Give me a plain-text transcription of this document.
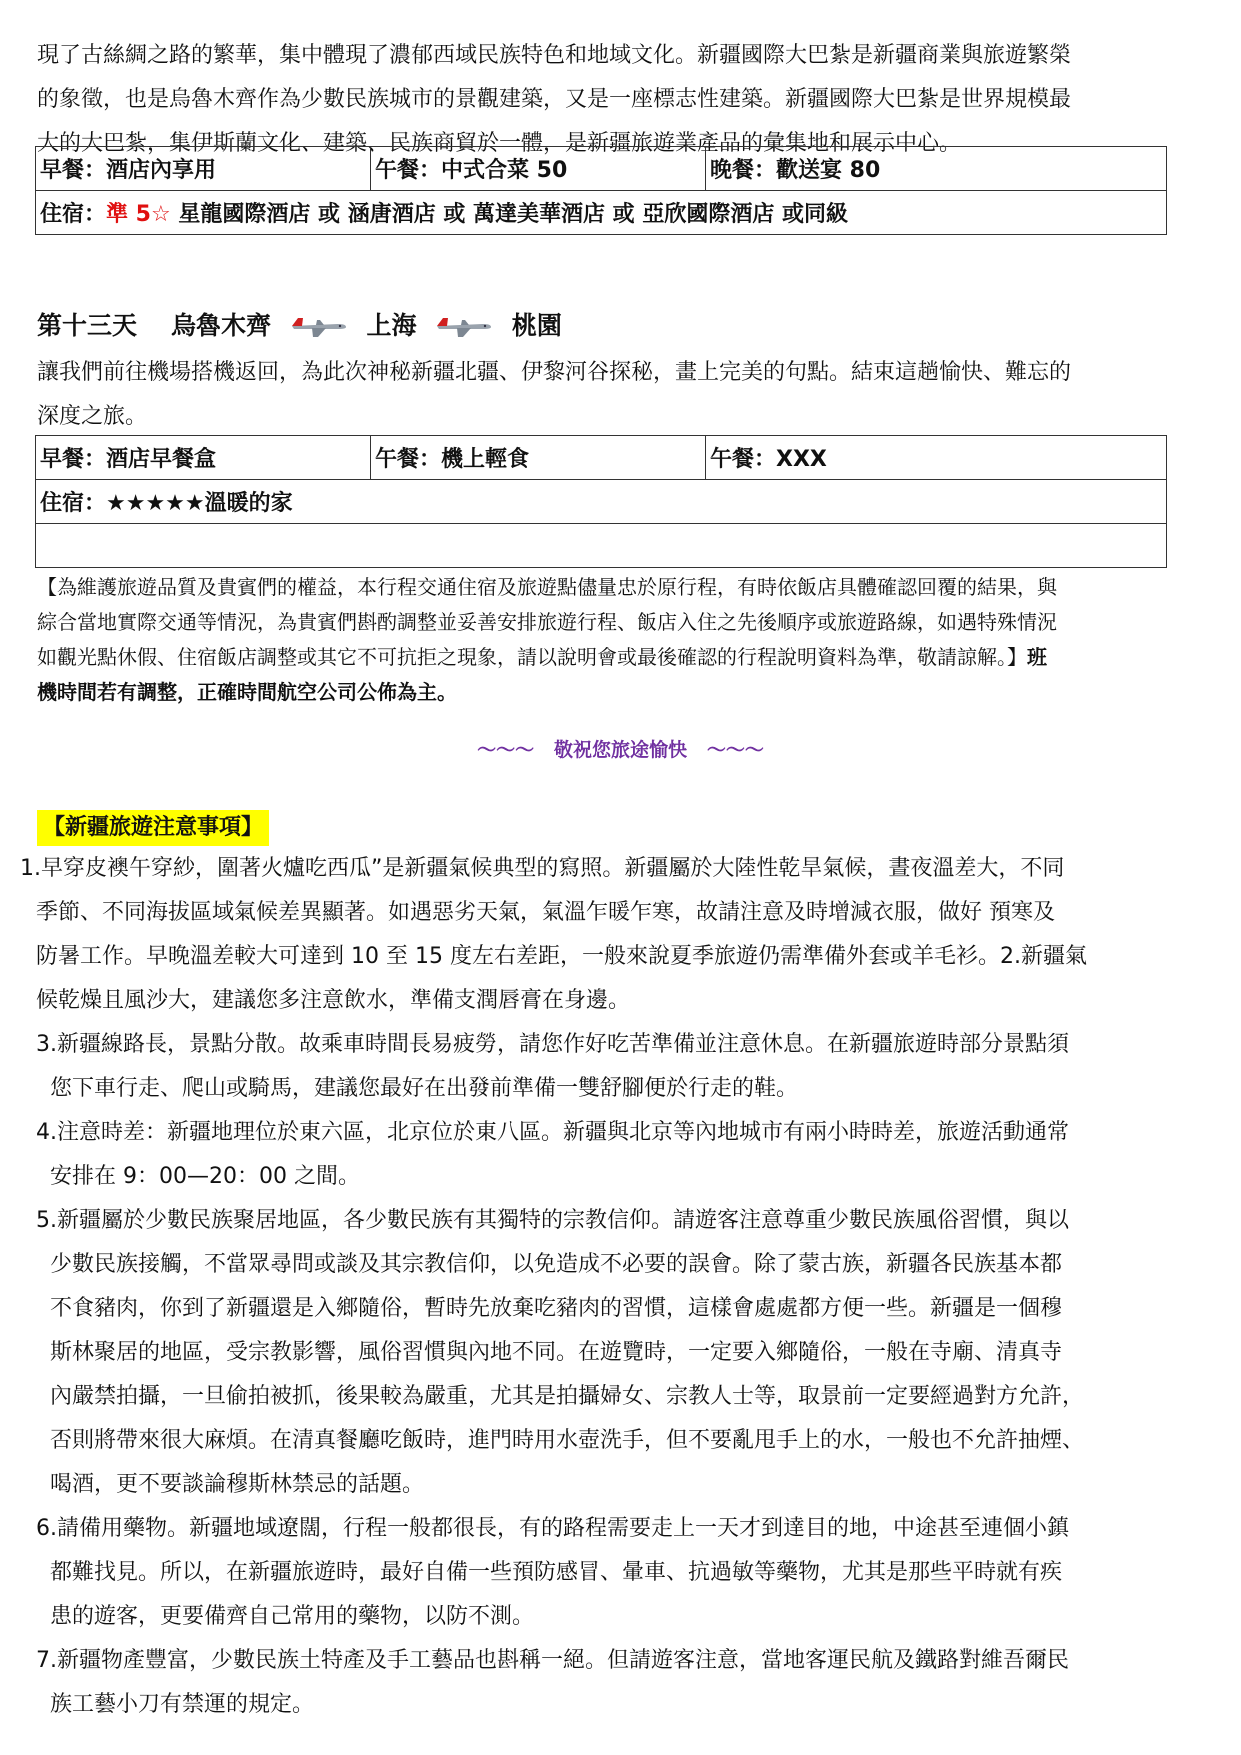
現了古絲綢之路的繁華，集中體現了濃郁西域民族特色和地域文化。新疆國際大巴紮是新疆商業與旅遊繁榮
的象徵，也是烏魯木齊作為少數民族城市的景觀建築，又是一座標志性建築。新疆國際大巴紮是世界規模最
大的大巴紮，集伊斯蘭文化、建築、民族商貿於一體，是新疆旅遊業產品的彙集地和展示中心。
早餐：酒店內享用	午餐：中式合菜 50	晚餐：歡送宴 80
住宿：準 5☆ 星龍國際酒店 或 涵唐酒店 或 萬達美華酒店 或 亞欣國際酒店 或同級
第十三天 烏魯木齊	上海	桃園
讓我們前往機場搭機返回，為此次神秘新疆北疆、伊黎河谷探秘，畫上完美的句點。結束這趟愉快、難忘的
深度之旅。
早餐：酒店早餐盒	午餐：機上輕食	午餐：XXX
住宿：★★★★★溫暖的家

【為維護旅遊品質及貴賓們的權益，本行程交通住宿及旅遊點儘量忠於原行程，有時依飯店具體確認回覆的結果，與
綜合當地實際交通等情況，為貴賓們斟酌調整並妥善安排旅遊行程、飯店入住之先後順序或旅遊路線，如遇特殊情況
如觀光點休假、住宿飯店調整或其它不可抗拒之現象，請以說明會或最後確認的行程說明資料為準，敬請諒解。】班
機時間若有調整，正確時間航空公司公佈為主。
～～～   敬祝您旅途愉快   ～～～
【新疆旅遊注意事項】
1.早穿皮襖午穿紗，圍著火爐吃西瓜”是新疆氣候典型的寫照。新疆屬於大陸性乾旱氣候，晝夜溫差大，不同
季節、不同海拔區域氣候差異顯著。如遇惡劣天氣，氣溫乍暖乍寒，故請注意及時增減衣服，做好 預寒及
防暑工作。早晚溫差較大可達到 10 至 15 度左右差距，一般來說夏季旅遊仍需準備外套或羊毛衫。2.新疆氣
候乾燥且風沙大，建議您多注意飲水，準備支潤唇膏在身邊。
3.新疆線路長，景點分散。故乘車時間長易疲勞，請您作好吃苦準備並注意休息。在新疆旅遊時部分景點須
您下車行走、爬山或騎馬，建議您最好在出發前準備一雙舒腳便於行走的鞋。
4.注意時差：新疆地理位於東六區，北京位於東八區。新疆與北京等內地城市有兩小時時差，旅遊活動通常
安排在 9：00—20：00 之間。
5.新疆屬於少數民族聚居地區，各少數民族有其獨特的宗教信仰。請遊客注意尊重少數民族風俗習慣，與以
少數民族接觸，不當眾尋問或談及其宗教信仰，以免造成不必要的誤會。除了蒙古族，新疆各民族基本都
不食豬肉，你到了新疆還是入鄉隨俗，暫時先放棄吃豬肉的習慣，這樣會處處都方便一些。新疆是一個穆
斯林聚居的地區，受宗教影響，風俗習慣與內地不同。在遊覽時，一定要入鄉隨俗，一般在寺廟、清真寺
內嚴禁拍攝，一旦偷拍被抓，後果較為嚴重，尤其是拍攝婦女、宗教人士等，取景前一定要經過對方允許，
否則將帶來很大麻煩。在清真餐廳吃飯時，進門時用水壺洗手，但不要亂甩手上的水，一般也不允許抽煙、
喝酒，更不要談論穆斯林禁忌的話題。
6.請備用藥物。新疆地域遼闊，行程一般都很長，有的路程需要走上一天才到達目的地，中途甚至連個小鎮
都難找見。所以，在新疆旅遊時，最好自備一些預防感冒、暈車、抗過敏等藥物，尤其是那些平時就有疾
患的遊客，更要備齊自己常用的藥物，以防不測。
7.新疆物產豐富，少數民族土特產及手工藝品也斟稱一絕。但請遊客注意，當地客運民航及鐵路對維吾爾民
族工藝小刀有禁運的規定。
